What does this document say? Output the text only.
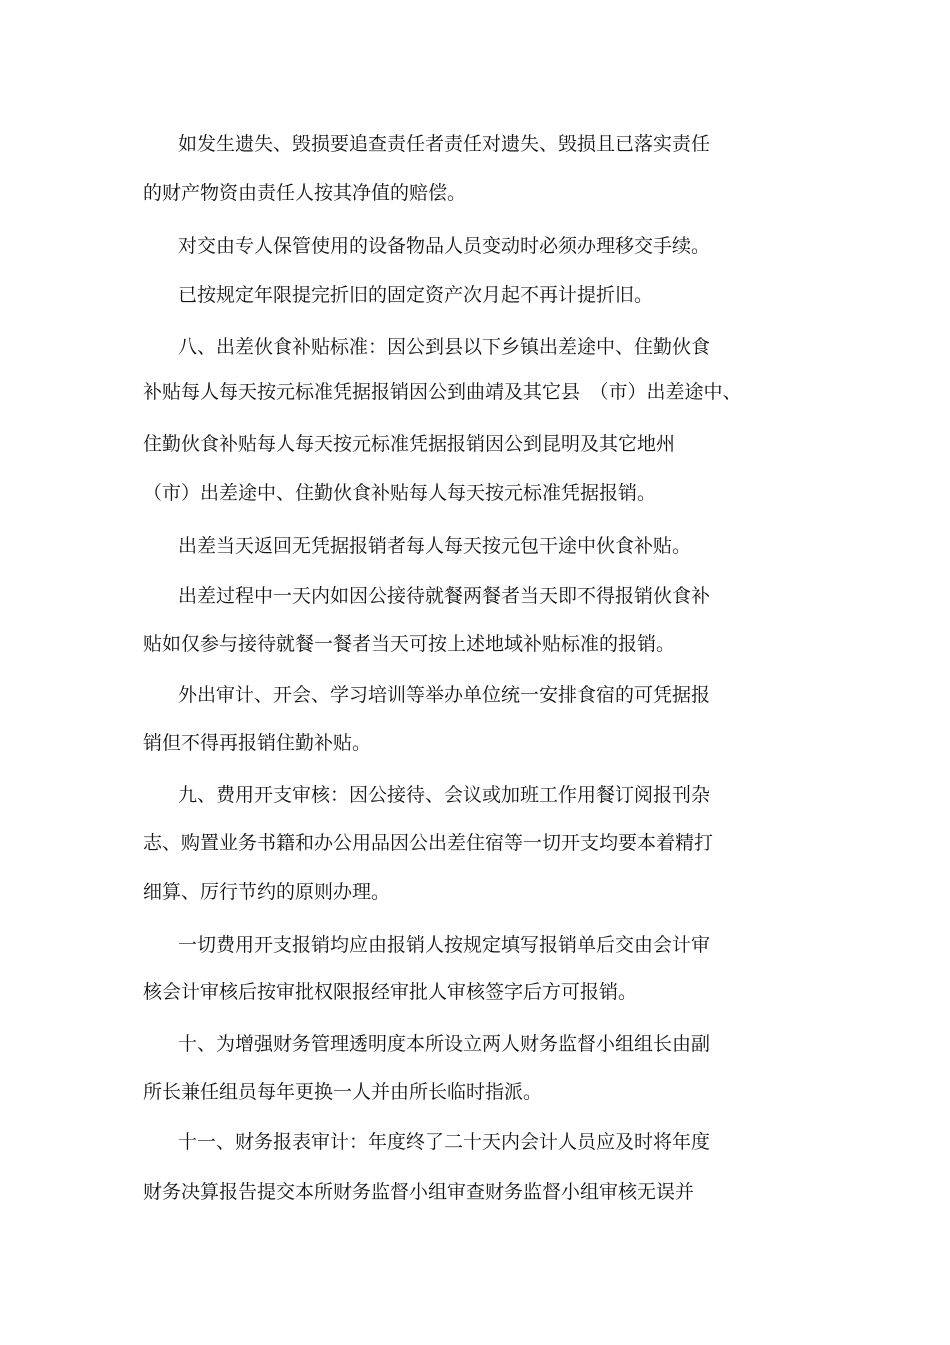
如发生遗失、毁损要追查责任者责任对遗失、毁损且已落实责任
的财产物资由责任人按其净值的赔偿。
对交由专人保管使用的设备物品人员变动时必须办理移交手续。
已按规定年限提完折旧的固定资产次月起不再计提折旧。
八、出差伙食补贴标准：因公到县以下乡镇出差途中、住勤伙食
补贴每人每天按元标准凭据报销因公到曲靖及其它县　（市）出差途中、
住勤伙食补贴每人每天按元标准凭据报销因公到昆明及其它地州
（市）出差途中、住勤伙食补贴每人每天按元标准凭据报销。
出差当天返回无凭据报销者每人每天按元包干途中伙食补贴。
出差过程中一天内如因公接待就餐两餐者当天即不得报销伙食补
贴如仅参与接待就餐一餐者当天可按上述地域补贴标准的报销。
外出审计、开会、学习培训等举办单位统一安排食宿的可凭据报
销但不得再报销住勤补贴。
九、费用开支审核：因公接待、会议或加班工作用餐订阅报刊杂
志、购置业务书籍和办公用品因公出差住宿等一切开支均要本着精打
细算、厉行节约的原则办理。
一切费用开支报销均应由报销人按规定填写报销单后交由会计审
核会计审核后按审批权限报经审批人审核签字后方可报销。
十、为增强财务管理透明度本所设立两人财务监督小组组长由副
所长兼任组员每年更换一人并由所长临时指派。
十一、财务报表审计：年度终了二十天内会计人员应及时将年度
财务决算报告提交本所财务监督小组审查财务监督小组审核无误并
